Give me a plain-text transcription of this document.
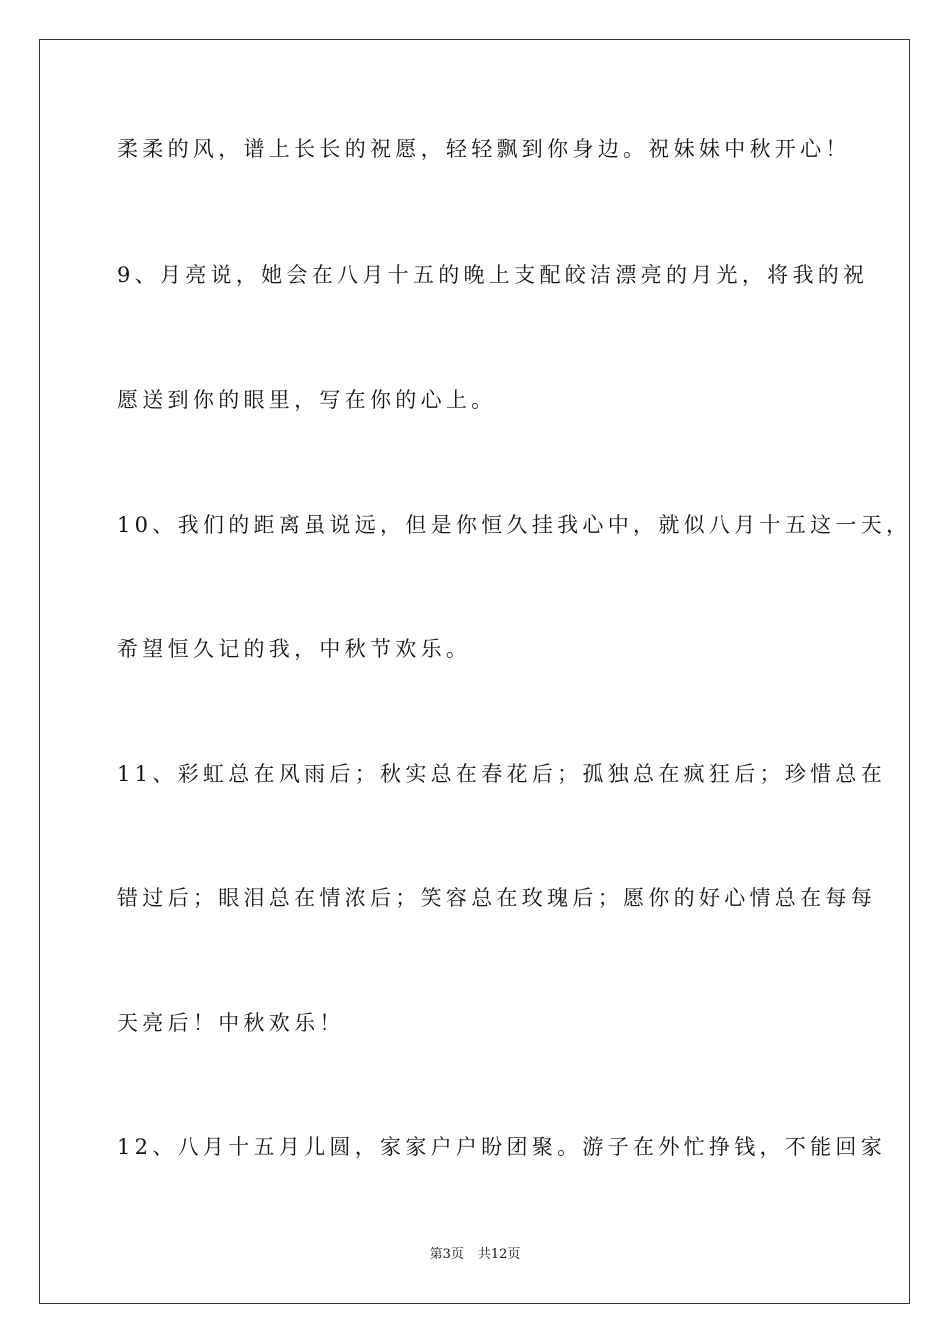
柔柔的风，谱上长长的祝愿，轻轻飘到你身边。祝妹妹中秋开心！
9、月亮说，她会在八月十五的晚上支配皎洁漂亮的月光，将我的祝
愿送到你的眼里，写在你的心上。
10、我们的距离虽说远，但是你恒久挂我心中，就似八月十五这一天，
希望恒久记的我，中秋节欢乐。
11、彩虹总在风雨后；秋实总在春花后；孤独总在疯狂后；珍惜总在
错过后；眼泪总在情浓后；笑容总在玫瑰后；愿你的好心情总在每每
天亮后！中秋欢乐！
12、八月十五月儿圆，家家户户盼团聚。游子在外忙挣钱，不能回家
第3页 共12页
